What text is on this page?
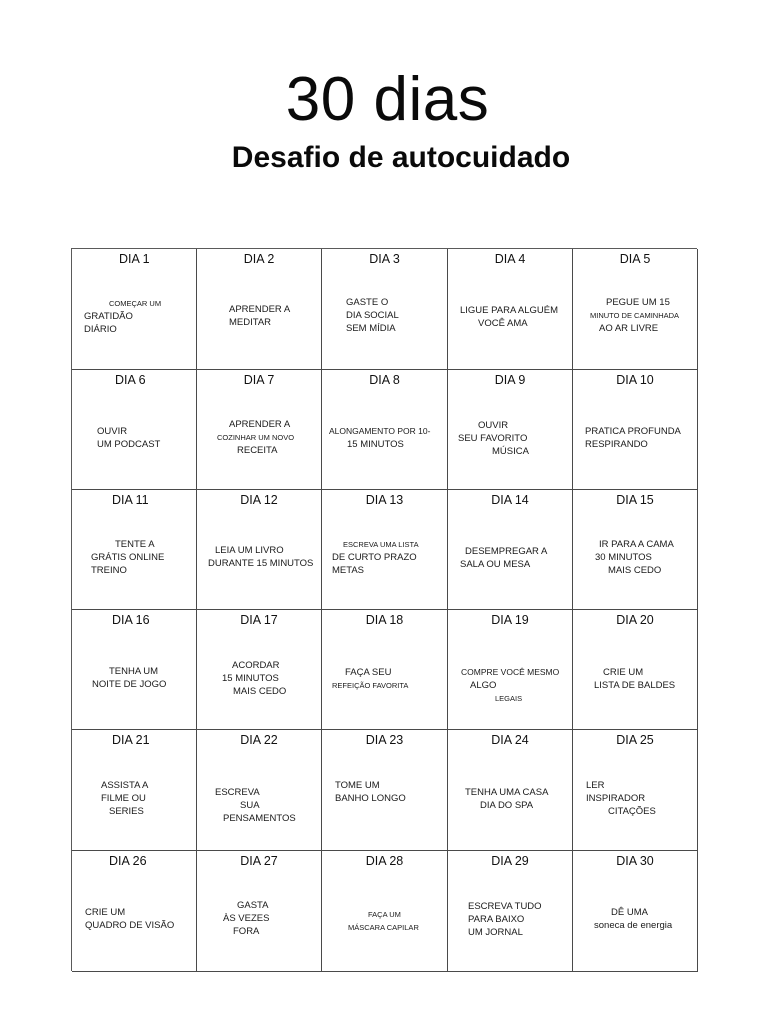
30 dias
Desafio de autocuidado
DIA 1
COMEÇAR UM
GRATIDÃO
DIÁRIO
DIA 2
APRENDER A
MEDITAR
DIA 3
GASTE O
DIA SOCIAL
SEM MÍDIA
DIA 4
LIGUE PARA ALGUÉM
VOCÊ AMA
DIA 5
PEGUE UM 15
MINUTO DE CAMINHADA
AO AR LIVRE
DIA 6
OUVIR
UM PODCAST
DIA 7
APRENDER A
COZINHAR UM NOVO
RECEITA
DIA 8
ALONGAMENTO POR 10-
15 MINUTOS
DIA 9
OUVIR
SEU FAVORITO
MÚSICA
DIA 10
PRATICA PROFUNDA
RESPIRANDO
DIA 11
TENTE A
GRÁTIS ONLINE
TREINO
DIA 12
LEIA UM LIVRO
DURANTE 15 MINUTOS
DIA 13
ESCREVA UMA LISTA
DE CURTO PRAZO
METAS
DIA 14
DESEMPREGAR A
SALA OU MESA
DIA 15
IR PARA A CAMA
30 MINUTOS
MAIS CEDO
DIA 16
TENHA UM
NOITE DE JOGO
DIA 17
ACORDAR
15 MINUTOS
MAIS CEDO
DIA 18
FAÇA SEU
REFEIÇÃO FAVORITA
DIA 19
COMPRE VOCÊ MESMO
ALGO
LEGAIS
DIA 20
CRIE UM
LISTA DE BALDES
DIA 21
ASSISTA A
FILME OU
SERIES
DIA 22
ESCREVA
SUA
PENSAMENTOS
DIA 23
TOME UM
BANHO LONGO
DIA 24
TENHA UMA CASA
DIA DO SPA
DIA 25
LER
INSPIRADOR
CITAÇÕES
DIA 26
CRIE UM
QUADRO DE VISÃO
DIA 27
GASTA
ÀS VEZES
FORA
DIA 28
FAÇA UM
MÁSCARA CAPILAR
DIA 29
ESCREVA TUDO
PARA BAIXO
UM JORNAL
DIA 30
DÊ UMA
soneca de energia
